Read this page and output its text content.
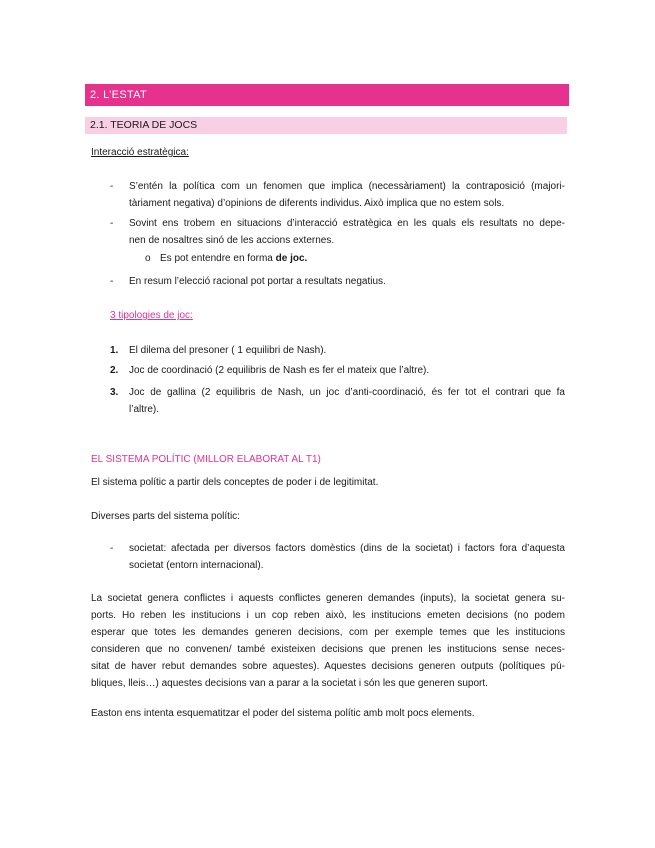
2. L’ESTAT
2.1. TEORIA DE JOCS
Interacció estratègica:
- S’entén la política com un fenomen que implica (necessàriament) la contraposició (majori-
tàriament negativa) d’opinions de diferents individus. Això implica que no estem sols.
- Sovint ens trobem en situacions d’interacció estratègica en les quals els resultats no depe-
nen de nosaltres sinó de les accions externes.
o Es pot entendre en forma de joc.
- En resum l’elecció racional pot portar a resultats negatius.
3 tipologies de joc:
1. El dilema del presoner ( 1 equilibri de Nash).
2. Joc de coordinació (2 equilibris de Nash es fer el mateix que l’altre).
3. Joc de gallina (2 equilibris de Nash, un joc d’anti-coordinació, és fer tot el contrari que fa
l’altre).
EL SISTEMA POLÍTIC (MILLOR ELABORAT AL T1)
El sistema polític a partir dels conceptes de poder i de legitimitat.
Diverses parts del sistema polític:
- societat: afectada per diversos factors domèstics (dins de la societat) i factors fora d’aquesta
societat (entorn internacional).
La societat genera conflictes i aquests conflictes generen demandes (inputs), la societat genera su-
ports. Ho reben les institucions i un cop reben això, les institucions emeten decisions (no podem
esperar que totes les demandes generen decisions, com per exemple temes que les institucions
consideren que no convenen/ també existeixen decisions que prenen les institucions sense neces-
sitat de haver rebut demandes sobre aquestes). Aquestes decisions generen outputs (polítiques pú-
bliques, lleis…) aquestes decisions van a parar a la societat i són les que generen suport.
Easton ens intenta esquematitzar el poder del sistema polític amb molt pocs elements.
